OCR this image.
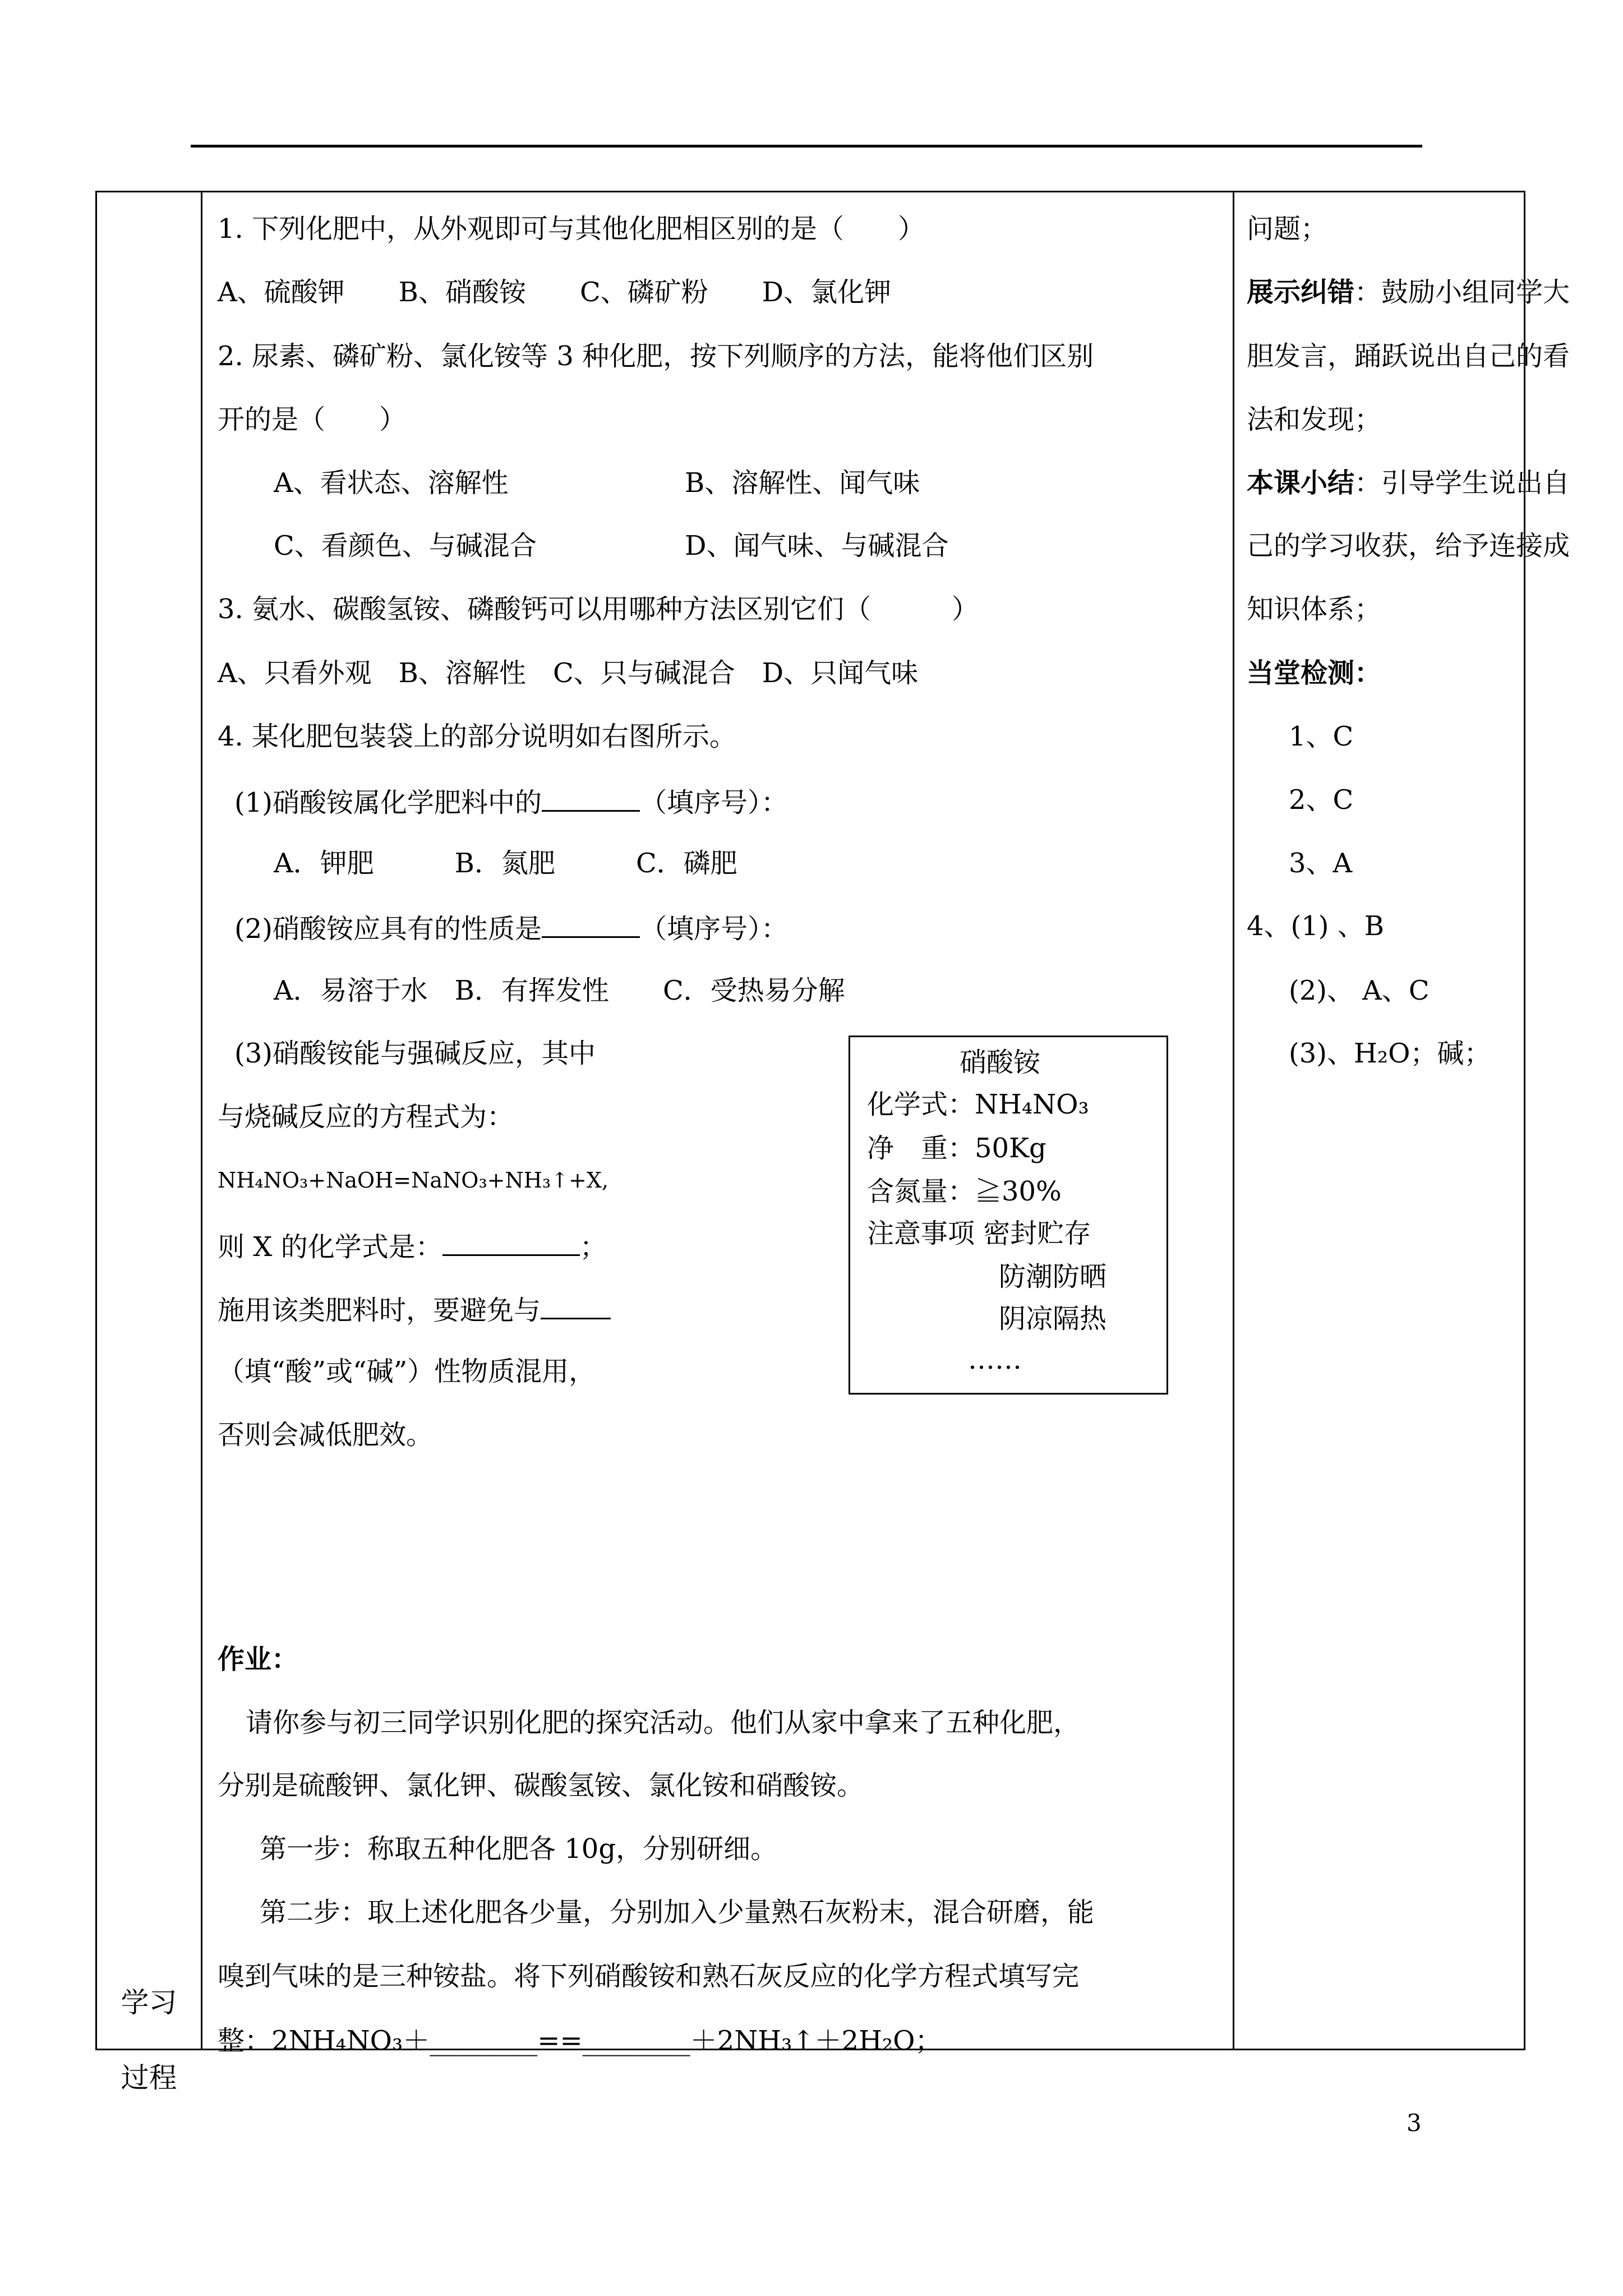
学习
过程
1. 下列化肥中，从外观即可与其他化肥相区别的是（　　）
A、硫酸钾　　B、硝酸铵　　C、磷矿粉　　D、氯化钾
2. 尿素、磷矿粉、氯化铵等 3 种化肥，按下列顺序的方法，能将他们区别
开的是（　　）
A、看状态、溶解性	B、溶解性、闻气味
C、看颜色、与碱混合	D、闻气味、与碱混合
3. 氨水、碳酸氢铵、磷酸钙可以用哪种方法区别它们（　　　）
A、只看外观　B、溶解性　C、只与碱混合　D、只闻气味
4. 某化肥包装袋上的部分说明如右图所示。
(1)硝酸铵属化学肥料中的	（填序号）：
A．钾肥　　　B．氮肥　　　C．磷肥
(2)硝酸铵应具有的性质是	（填序号）：
A．易溶于水　B．有挥发性　　C．受热易分解
(3)硝酸铵能与强碱反应，其中
与烧碱反应的方程式为：
NH₄NO₃+NaOH=NaNO₃+NH₃↑+X,
则 X 的化学式是：	；
施用该类肥料时，要避免与
（填“酸”或“碱”）性物质混用，
否则会减低肥效。
作业：
请你参与初三同学识别化肥的探究活动。他们从家中拿来了五种化肥，
分别是硫酸钾、氯化钾、碳酸氢铵、氯化铵和硝酸铵。
第一步：称取五种化肥各 10g，分别研细。
第二步：取上述化肥各少量，分别加入少量熟石灰粉末，混合研磨，能
嗅到气味的是三种铵盐。将下列硝酸铵和熟石灰反应的化学方程式填写完
整：2NH₄NO₃＋________==________＋2NH₃↑＋2H₂O；
硝酸铵
化学式：NH₄NO₃
净　重：50Kg
含氮量：≧30%
注意事项 密封贮存
防潮防晒
阴凉隔热
……
问题；
展示纠错：鼓励小组同学大
胆发言，踊跃说出自己的看
法和发现；
本课小结：引导学生说出自
己的学习收获，给予连接成
知识体系；
当堂检测：
1、C
2、C
3、A
4、(1) 、B
(2)、 A、C
(3)、H₂O；碱；
3
